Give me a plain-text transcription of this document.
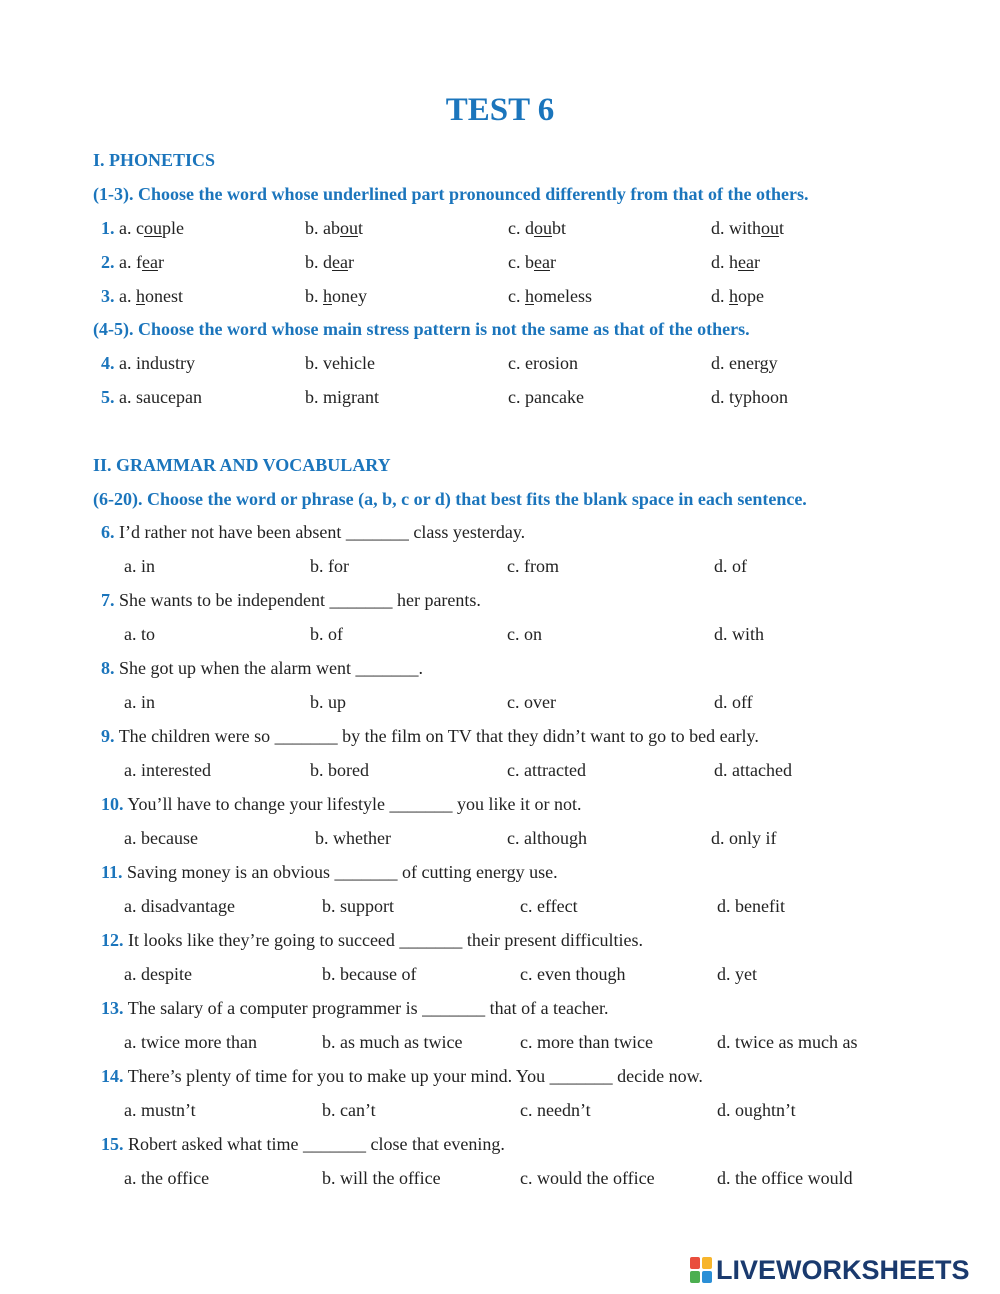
TEST 6
I. PHONETICS
(1-3). Choose the word whose underlined part pronounced differently from that of the others.
1. a. couple	b. about	c. doubt	d. without
2. a. fear	b. dear	c. bear	d. hear
3. a. honest	b. honey	c. homeless	d. hope
(4-5). Choose the word whose main stress pattern is not the same as that of the others.
4. a. industry	b. vehicle	c. erosion	d. energy
5. a. saucepan	b. migrant	c. pancake	d. typhoon
II. GRAMMAR AND VOCABULARY
(6-20). Choose the word or phrase (a, b, c or d) that best fits the blank space in each sentence.
6. I’d rather not have been absent _______ class yesterday.
a. in	b. for	c. from	d. of
7. She wants to be independent _______ her parents.
a. to	b. of	c. on	d. with
8. She got up when the alarm went _______.
a. in	b. up	c. over	d. off
9. The children were so _______ by the film on TV that they didn’t want to go to bed early.
a. interested	b. bored	c. attracted	d. attached
10. You’ll have to change your lifestyle _______ you like it or not.
a. because	b. whether	c. although	d. only if
11. Saving money is an obvious _______ of cutting energy use.
a. disadvantage	b. support	c. effect	d. benefit
12. It looks like they’re going to succeed _______ their present difficulties.
a. despite	b. because of	c. even though	d. yet
13. The salary of a computer programmer is _______ that of a teacher.
a. twice more than	b. as much as twice	c. more than twice	d. twice as much as
14. There’s plenty of time for you to make up your mind. You _______ decide now.
a. mustn’t	b. can’t	c. needn’t	d. oughtn’t
15. Robert asked what time _______ close that evening.
a. the office	b. will the office	c. would the office	d. the office would
LIVEWORKSHEETS
